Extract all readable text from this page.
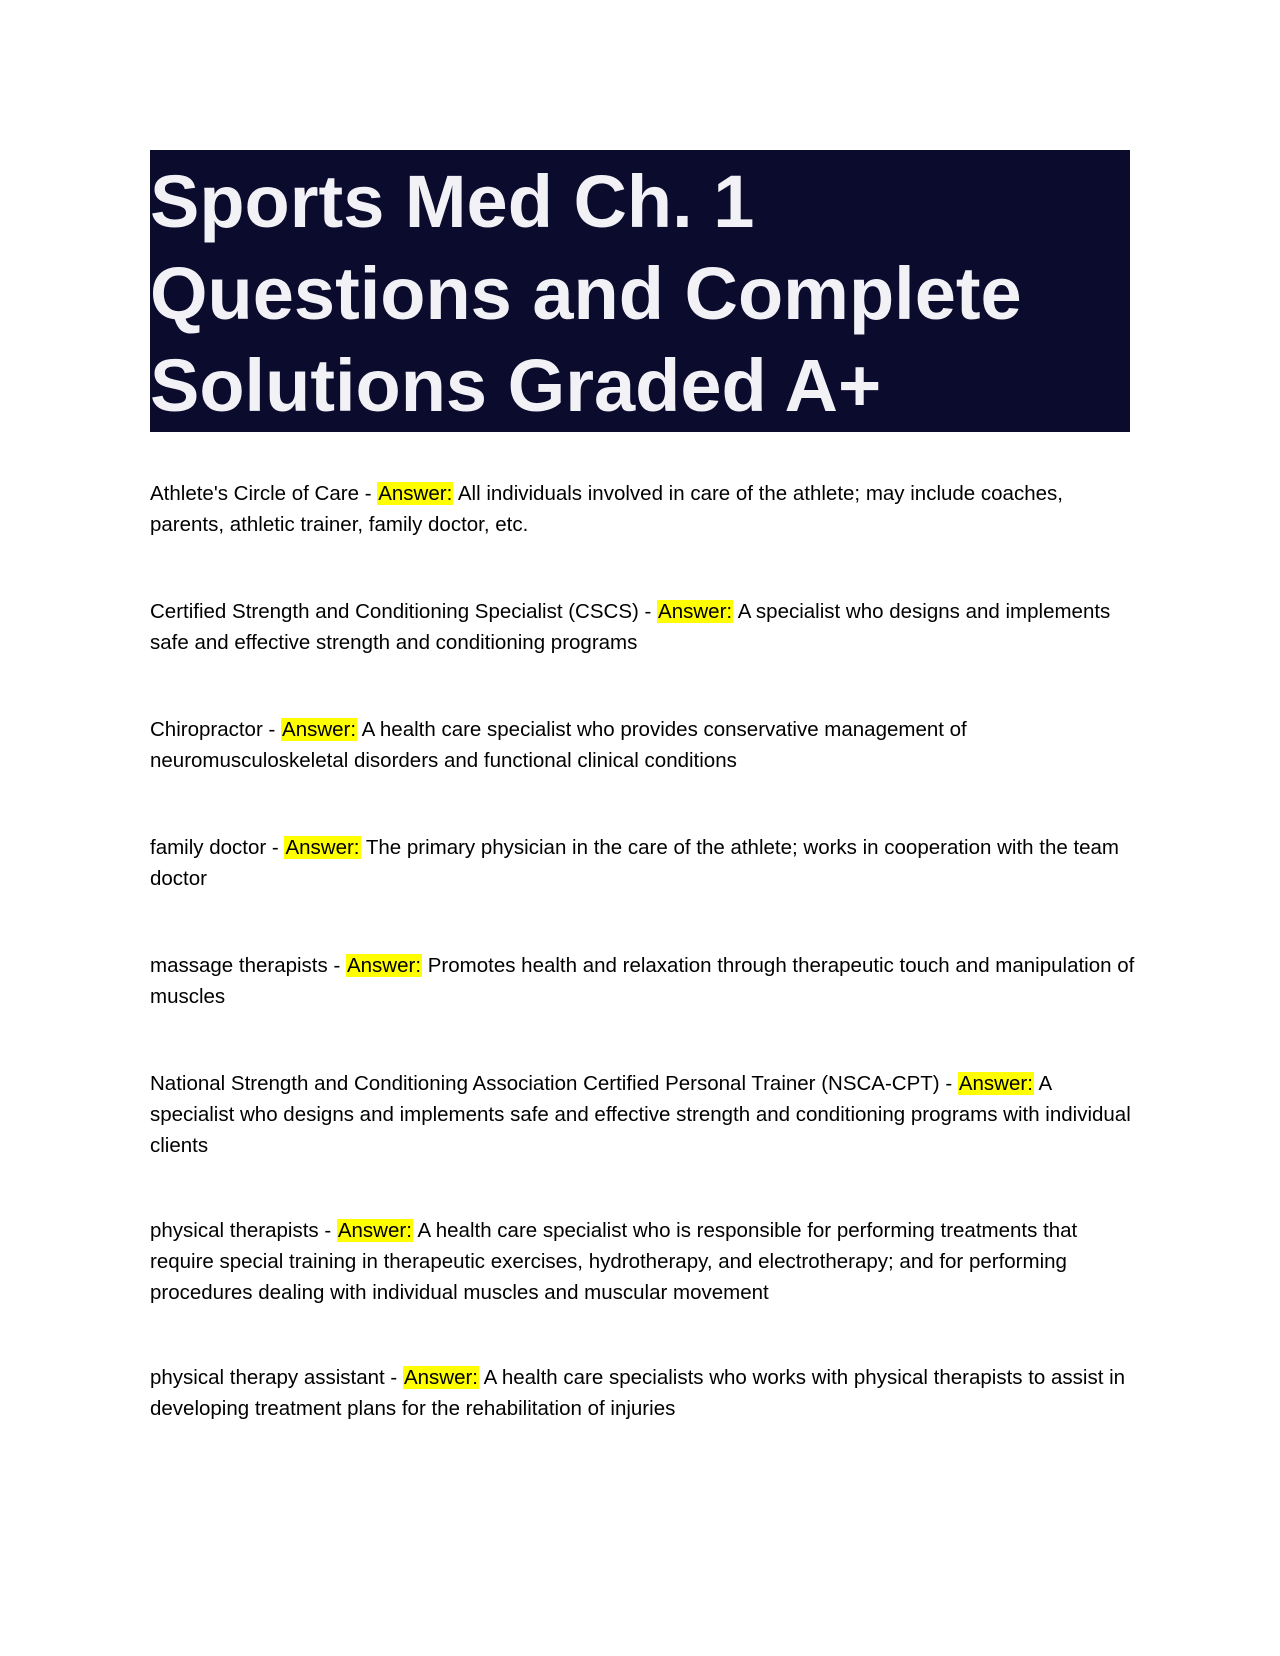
Sports Med Ch. 1
Questions and Complete
Solutions Graded A+

Athlete's Circle of Care - Answer: All individuals involved in care of the athlete; may include coaches, parents, athletic trainer, family doctor, etc.

Certified Strength and Conditioning Specialist (CSCS) - Answer: A specialist who designs and implements safe and effective strength and conditioning programs

Chiropractor - Answer: A health care specialist who provides conservative management of neuromusculoskeletal disorders and functional clinical conditions

family doctor - Answer: The primary physician in the care of the athlete; works in cooperation with the team doctor

massage therapists - Answer: Promotes health and relaxation through therapeutic touch and manipulation of muscles

National Strength and Conditioning Association Certified Personal Trainer (NSCA-CPT) - Answer: A specialist who designs and implements safe and effective strength and conditioning programs with individual clients

physical therapists - Answer: A health care specialist who is responsible for performing treatments that require special training in therapeutic exercises, hydrotherapy, and electrotherapy; and for performing procedures dealing with individual muscles and muscular movement

physical therapy assistant - Answer: A health care specialists who works with physical therapists to assist in developing treatment plans for the rehabilitation of injuries
